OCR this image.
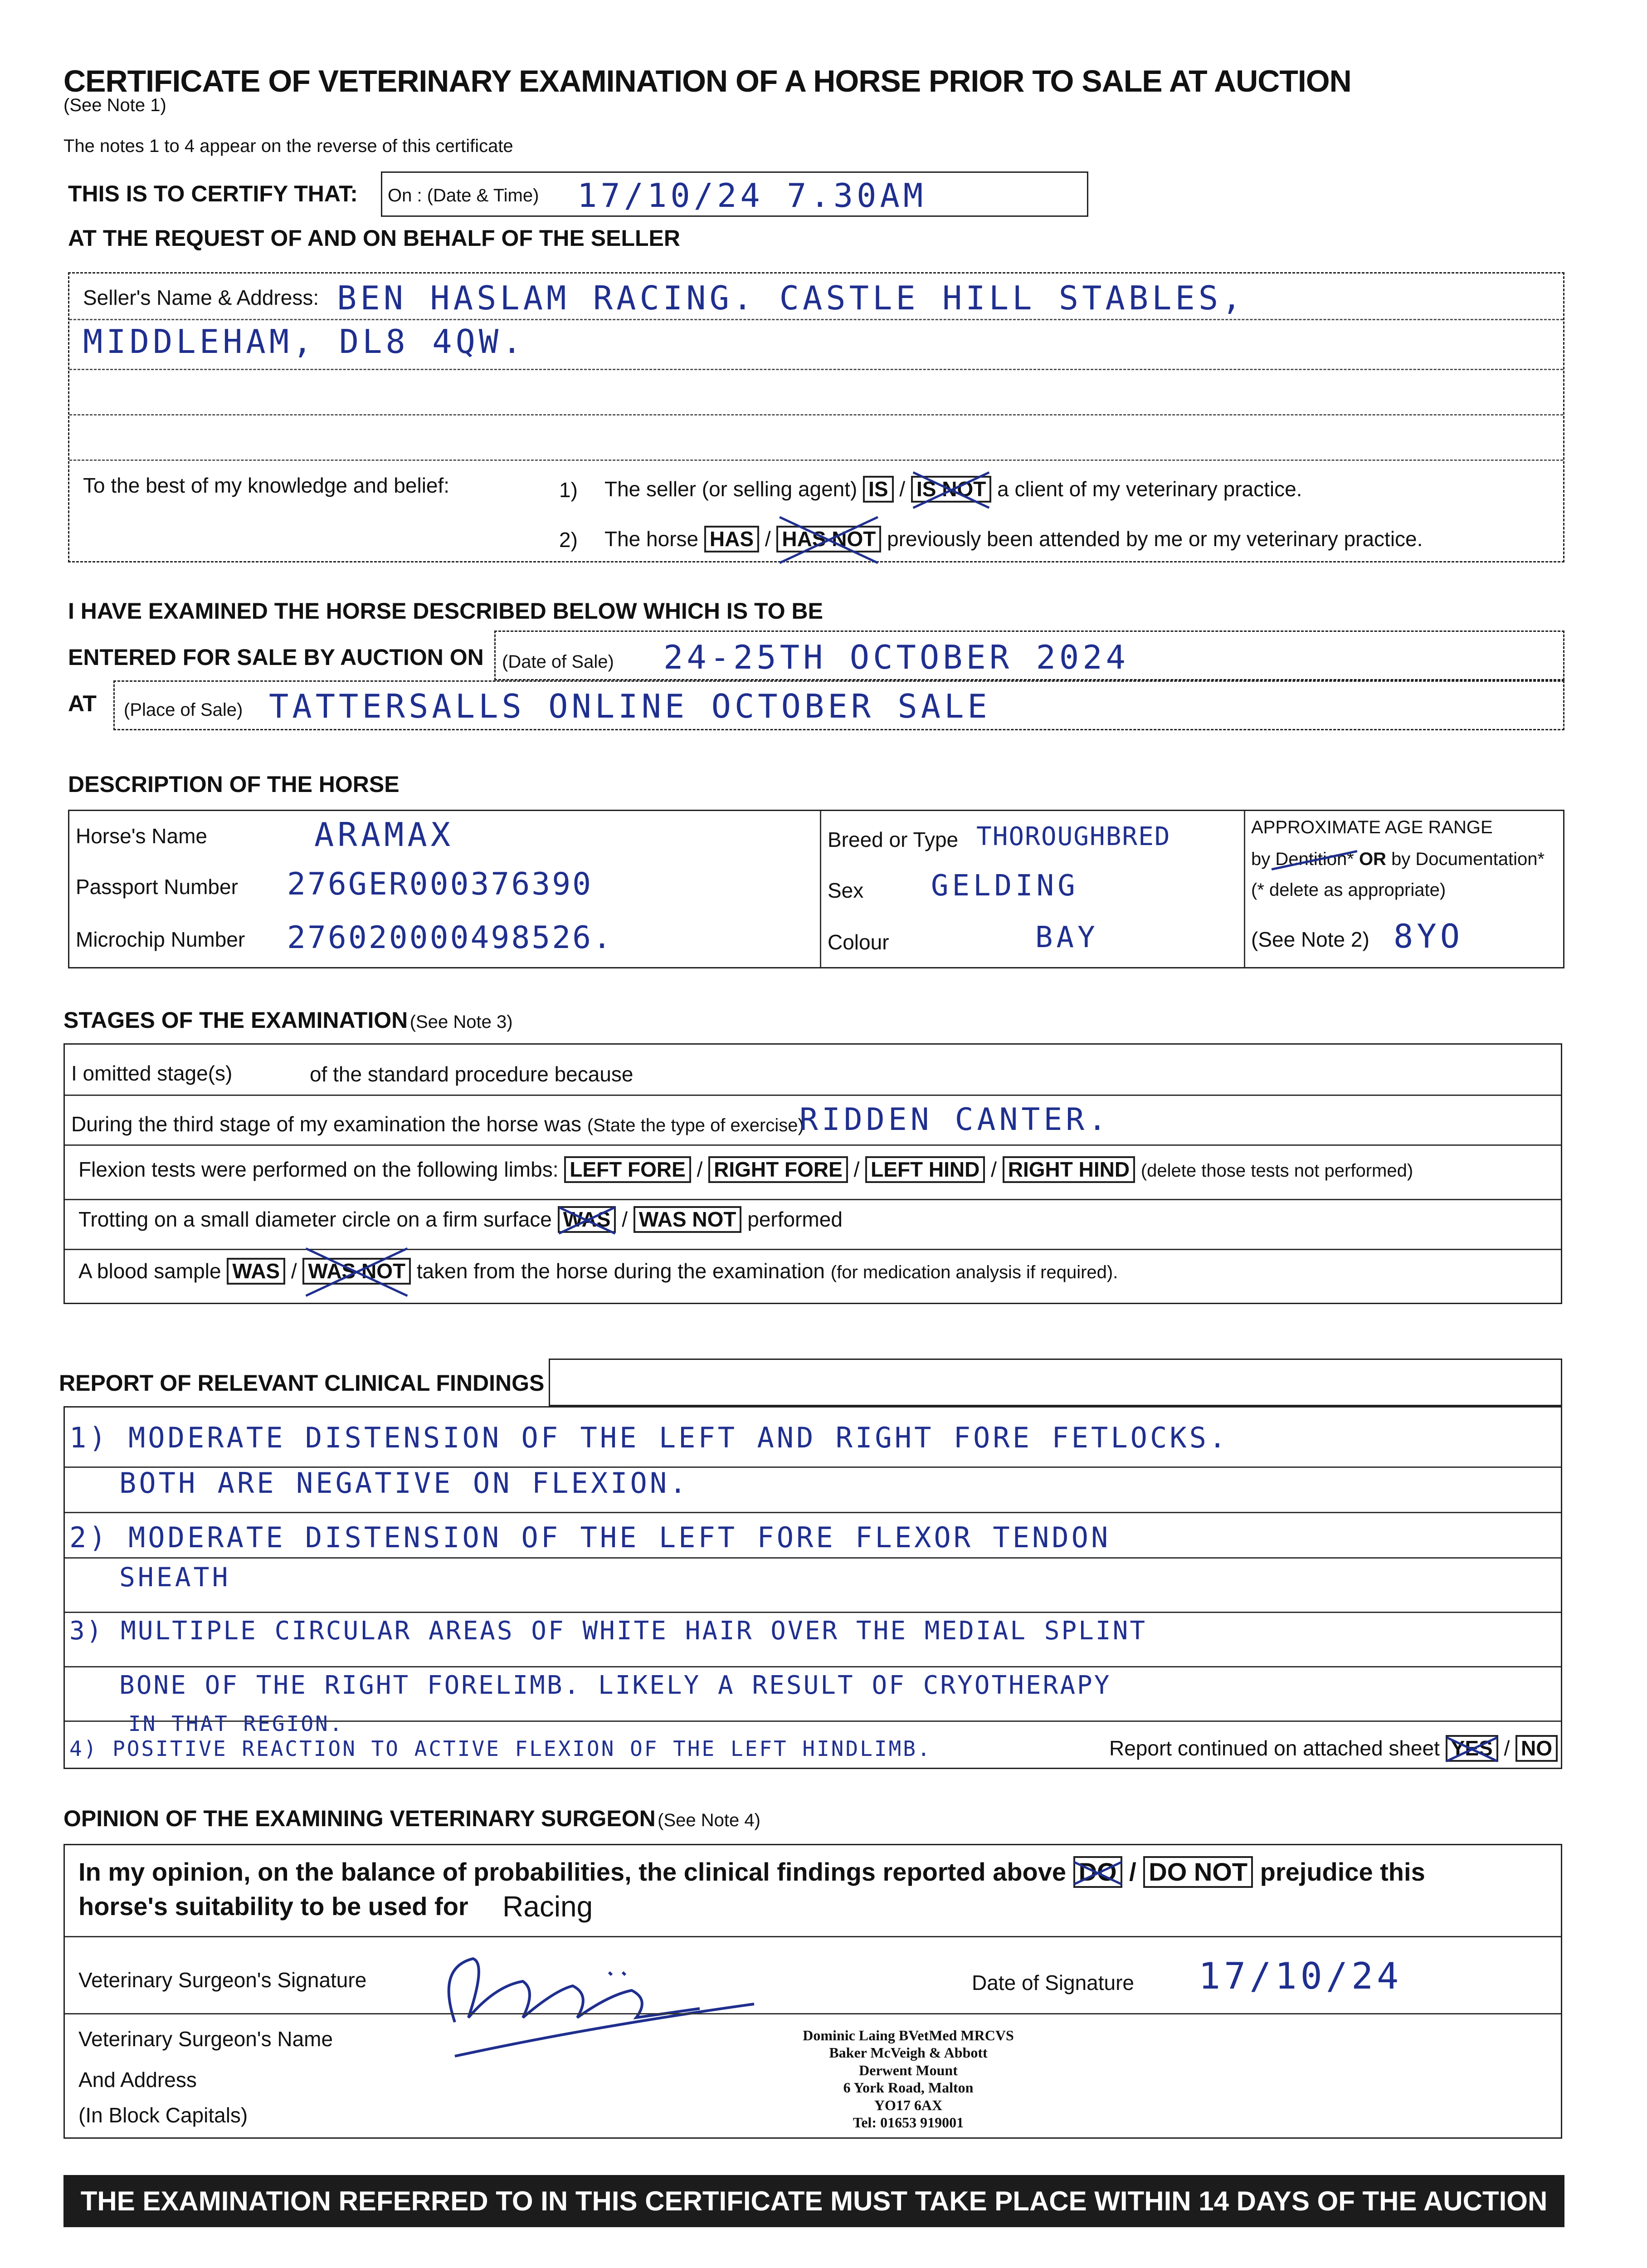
CERTIFICATE OF VETERINARY EXAMINATION OF A HORSE PRIOR TO SALE AT AUCTION
(See Note 1)
The notes 1 to 4 appear on the reverse of this certificate
THIS IS TO CERTIFY THAT: On : (Date & Time) 17/10/24 7.30AM
AT THE REQUEST OF AND ON BEHALF OF THE SELLER
Seller's Name & Address: BEN HASLAM RACING. CASTLE HILL STABLES,
MIDDLEHAM, DL8 4QW.
To the best of my knowledge and belief:	1) The seller (or selling agent) IS / IS NOT a client of my veterinary practice.
2) The horse HAS / HAS NOT previously been attended by me or my veterinary practice.
I HAVE EXAMINED THE HORSE DESCRIBED BELOW WHICH IS TO BE
ENTERED FOR SALE BY AUCTION ON (Date of Sale) 24-25TH OCTOBER 2024
AT (Place of Sale) TATTERSALLS ONLINE OCTOBER SALE
DESCRIPTION OF THE HORSE
Horse's Name	ARAMAX
Passport Number 276GER000376390
Microchip Number 276020000498526.
Breed or Type THOROUGHBRED
Sex GELDING
Colour	BAY
APPROXIMATE AGE RANGE
by Dentition* OR by Documentation*
(* delete as appropriate)
(See Note 2) 8YO
STAGES OF THE EXAMINATION (See Note 3)
I omitted stage(s)	of the standard procedure because
During the third stage of my examination the horse was (State the type of exercise)
RIDDEN CANTER.
Flexion tests were performed on the following limbs: LEFT FORE / RIGHT FORE / LEFT HIND / RIGHT HIND (delete those tests not performed)
Trotting on a small diameter circle on a firm surface WAS / WAS NOT performed
A blood sample WAS / WAS NOT taken from the horse during the examination (for medication analysis if required).
REPORT OF RELEVANT CLINICAL FINDINGS
1) MODERATE DISTENSION OF THE LEFT AND RIGHT FORE FETLOCKS.
BOTH ARE NEGATIVE ON FLEXION.
2) MODERATE DISTENSION OF THE LEFT FORE FLEXOR TENDON
SHEATH
3) MULTIPLE CIRCULAR AREAS OF WHITE HAIR OVER THE MEDIAL SPLINT
BONE OF THE RIGHT FORELIMB. LIKELY A RESULT OF CRYOTHERAPY
IN THAT REGION.
4) POSITIVE REACTION TO ACTIVE FLEXION OF THE LEFT HINDLIMB.	Report continued on attached sheet YES / NO
OPINION OF THE EXAMINING VETERINARY SURGEON (See Note 4)
In my opinion, on the balance of probabilities, the clinical findings reported above DO / DO NOT prejudice this
horse's suitability to be used for Racing
Veterinary Surgeon's Signature	Date of Signature 17/10/24
Veterinary Surgeon's Name
And Address
(In Block Capitals)
Dominic Laing BVetMed MRCVS
Baker McVeigh & Abbott
Derwent Mount
6 York Road, Malton
YO17 6AX
Tel: 01653 919001
THE EXAMINATION REFERRED TO IN THIS CERTIFICATE MUST TAKE PLACE WITHIN 14 DAYS OF THE AUCTION
